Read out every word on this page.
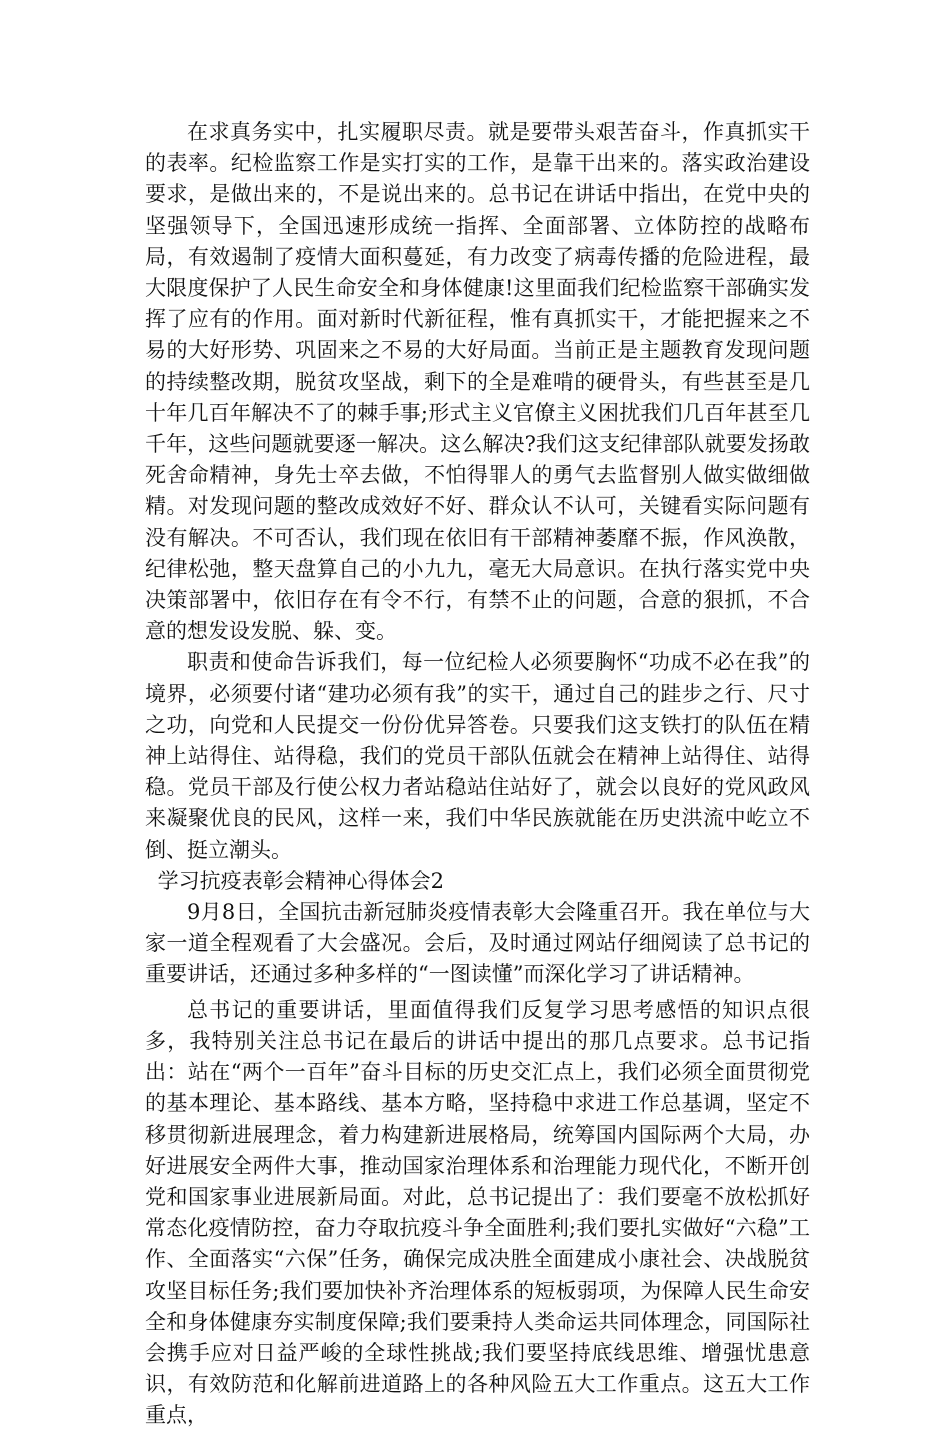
在求真务实中，扎实履职尽责。就是要带头艰苦奋斗，作真抓实干的表率。纪检监察工作是实打实的工作，是靠干出来的。落实政治建设要求，是做出来的，不是说出来的。总书记在讲话中指出，在党中央的坚强领导下，全国迅速形成统一指挥、全面部署、立体防控的战略布局，有效遏制了疫情大面积蔓延，有力改变了病毒传播的危险进程，最大限度保护了人民生命安全和身体健康!这里面我们纪检监察干部确实发挥了应有的作用。面对新时代新征程，惟有真抓实干，才能把握来之不易的大好形势、巩固来之不易的大好局面。当前正是主题教育发现问题的持续整改期，脱贫攻坚战，剩下的全是难啃的硬骨头，有些甚至是几十年几百年解决不了的棘手事;形式主义官僚主义困扰我们几百年甚至几千年，这些问题就要逐一解决。这么解决?我们这支纪律部队就要发扬敢死舍命精神，身先士卒去做，不怕得罪人的勇气去监督别人做实做细做精。对发现问题的整改成效好不好、群众认不认可，关键看实际问题有没有解决。不可否认，我们现在依旧有干部精神萎靡不振，作风涣散，纪律松弛，整天盘算自己的小九九，毫无大局意识。在执行落实党中央决策部署中，依旧存在有令不行，有禁不止的问题，合意的狠抓，不合意的想发设发脱、躲、变。

职责和使命告诉我们，每一位纪检人必须要胸怀“功成不必在我”的境界，必须要付诸“建功必须有我”的实干，通过自己的跬步之行、尺寸之功，向党和人民提交一份份优异答卷。只要我们这支铁打的队伍在精神上站得住、站得稳，我们的党员干部队伍就会在精神上站得住、站得稳。党员干部及行使公权力者站稳站住站好了，就会以良好的党风政风来凝聚优良的民风，这样一来，我们中华民族就能在历史洪流中屹立不倒、挺立潮头。

学习抗疫表彰会精神心得体会2

9月8日，全国抗击新冠肺炎疫情表彰大会隆重召开。我在单位与大家一道全程观看了大会盛况。会后，及时通过网站仔细阅读了总书记的重要讲话，还通过多种多样的“一图读懂”而深化学习了讲话精神。

总书记的重要讲话，里面值得我们反复学习思考感悟的知识点很多，我特别关注总书记在最后的讲话中提出的那几点要求。总书记指出：站在“两个一百年”奋斗目标的历史交汇点上，我们必须全面贯彻党的基本理论、基本路线、基本方略，坚持稳中求进工作总基调，坚定不移贯彻新进展理念，着力构建新进展格局，统筹国内国际两个大局，办好进展安全两件大事，推动国家治理体系和治理能力现代化，不断开创党和国家事业进展新局面。对此，总书记提出了：我们要毫不放松抓好常态化疫情防控，奋力夺取抗疫斗争全面胜利;我们要扎实做好“六稳”工作、全面落实“六保”任务，确保完成决胜全面建成小康社会、决战脱贫攻坚目标任务;我们要加快补齐治理体系的短板弱项，为保障人民生命安全和身体健康夯实制度保障;我们要秉持人类命运共同体理念，同国际社会携手应对日益严峻的全球性挑战;我们要坚持底线思维、增强忧患意识，有效防范和化解前进道路上的各种风险五大工作重点。这五大工作重点，
